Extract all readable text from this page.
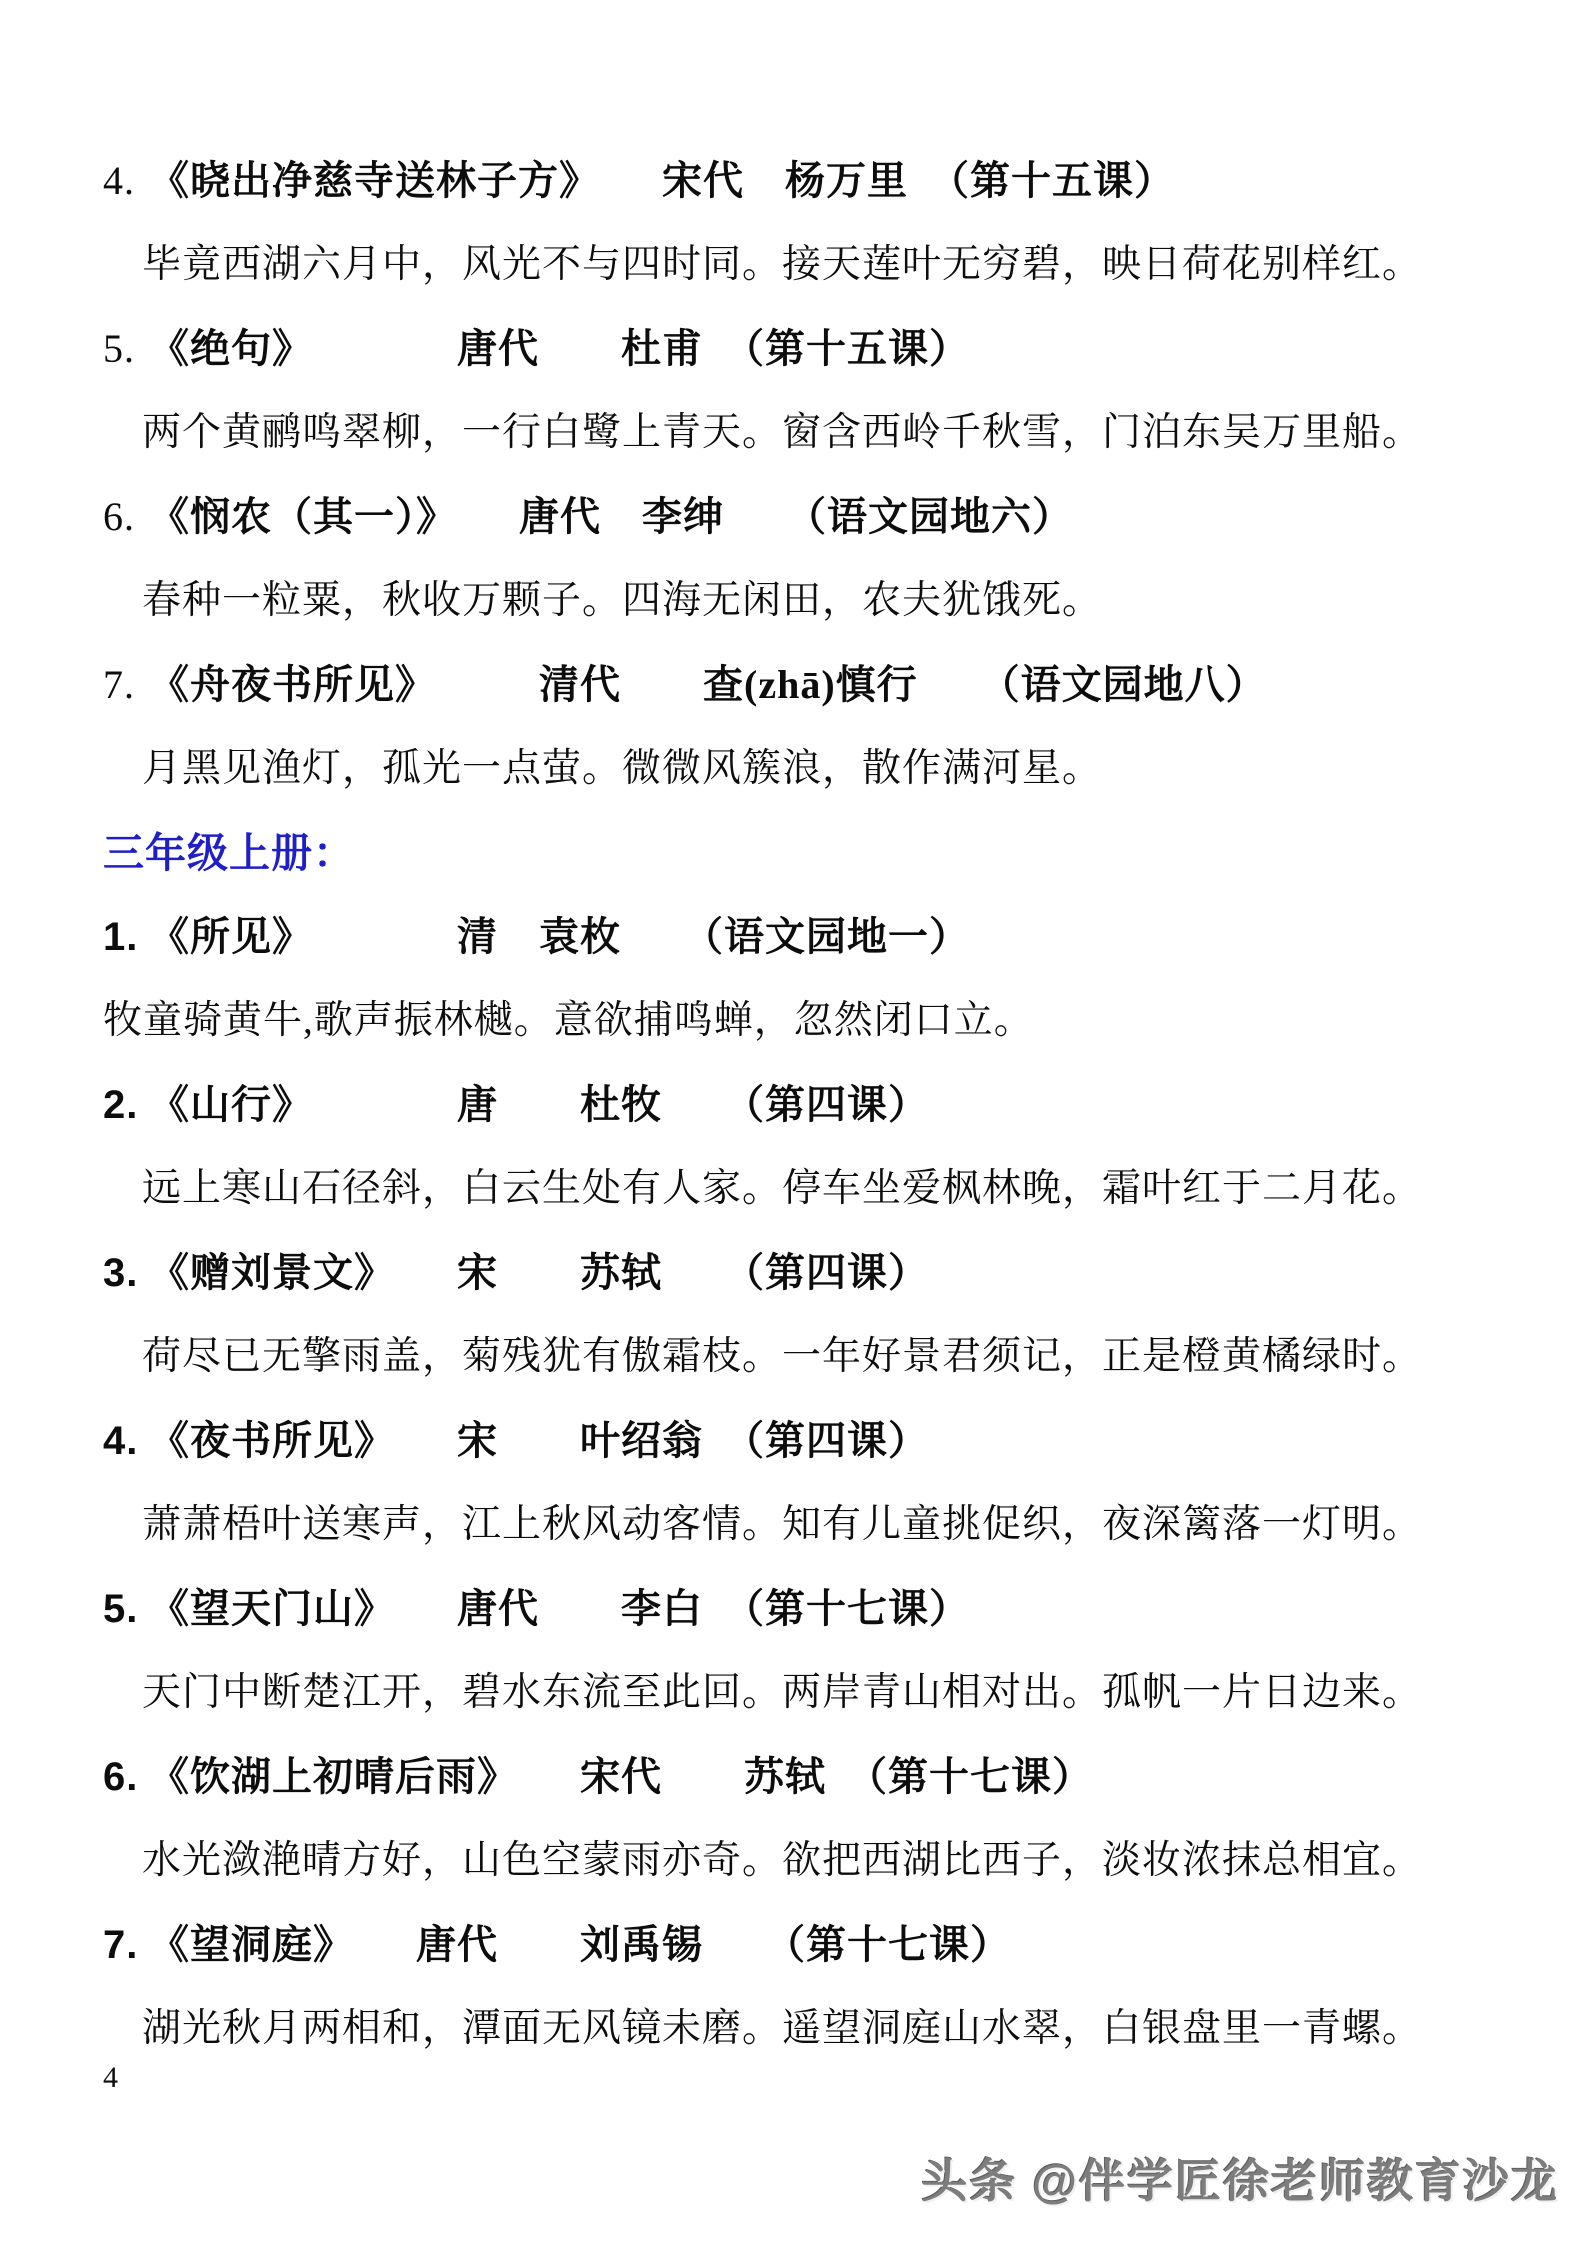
4. 《晓出净慈寺送林子方》　　宋代　杨万里　（第十五课）

毕竟西湖六月中，风光不与四时同。接天莲叶无穷碧，映日荷花别样红。

5. 《绝句》　　　　唐代　　杜甫　（第十五课）

两个黄鹂鸣翠柳，一行白鹭上青天。窗含西岭千秋雪，门泊东吴万里船。

6. 《悯农（其一）》　　唐代　李绅　　（语文园地六）

春种一粒粟，秋收万颗子。四海无闲田，农夫犹饿死。

7. 《舟夜书所见》　　　清代　　查(zhā)慎行　　（语文园地八）

月黑见渔灯，孤光一点萤。微微风簇浪，散作满河星。

三年级上册：

1. 《所见》　　　　清　袁枚　　（语文园地一）

牧童骑黄牛,歌声振林樾。意欲捕鸣蝉，忽然闭口立。

2. 《山行》　　　　唐　　杜牧　　（第四课）

远上寒山石径斜，白云生处有人家。停车坐爱枫林晚，霜叶红于二月花。

3. 《赠刘景文》　　宋　　苏轼　　（第四课）

荷尽已无擎雨盖，菊残犹有傲霜枝。一年好景君须记，正是橙黄橘绿时。

4. 《夜书所见》　　宋　　叶绍翁　（第四课）

萧萧梧叶送寒声，江上秋风动客情。知有儿童挑促织，夜深篱落一灯明。

5. 《望天门山》　　唐代　　李白　（第十七课）

天门中断楚江开，碧水东流至此回。两岸青山相对出。孤帆一片日边来。

6. 《饮湖上初晴后雨》　　宋代　　苏轼　（第十七课）

水光潋滟晴方好，山色空蒙雨亦奇。欲把西湖比西子，淡妆浓抹总相宜。

7. 《望洞庭》　　唐代　　刘禹锡　　（第十七课）

湖光秋月两相和，潭面无风镜未磨。遥望洞庭山水翠，白银盘里一青螺。

4

头条 @伴学匠徐老师教育沙龙
